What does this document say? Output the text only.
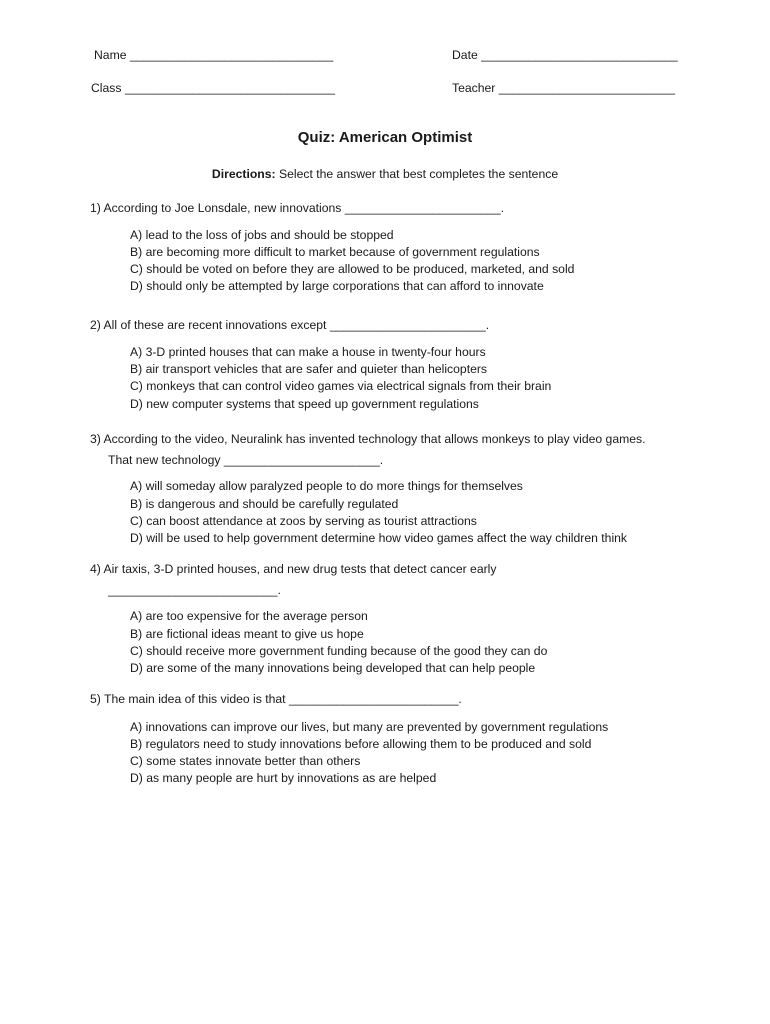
Name ______________________________	Date _____________________________
Class _______________________________	Teacher __________________________
Quiz: American Optimist
Directions: Select the answer that best completes the sentence
1) According to Joe Lonsdale, new innovations _______________________.
A) lead to the loss of jobs and should be stopped
B) are becoming more difficult to market because of government regulations
C) should be voted on before they are allowed to be produced, marketed, and sold
D) should only be attempted by large corporations that can afford to innovate
2) All of these are recent innovations except _______________________.
A) 3-D printed houses that can make a house in twenty-four hours
B) air transport vehicles that are safer and quieter than helicopters
C) monkeys that can control video games via electrical signals from their brain
D) new computer systems that speed up government regulations
3) According to the video, Neuralink has invented technology that allows monkeys to play video games.
That new technology _______________________.
A) will someday allow paralyzed people to do more things for themselves
B) is dangerous and should be carefully regulated
C) can boost attendance at zoos by serving as tourist attractions
D) will be used to help government determine how video games affect the way children think
4) Air taxis, 3-D printed houses, and new drug tests that detect cancer early
_________________________.
A) are too expensive for the average person
B) are fictional ideas meant to give us hope
C) should receive more government funding because of the good they can do
D) are some of the many innovations being developed that can help people
5) The main idea of this video is that _________________________.
A) innovations can improve our lives, but many are prevented by government regulations
B) regulators need to study innovations before allowing them to be produced and sold
C) some states innovate better than others
D) as many people are hurt by innovations as are helped
